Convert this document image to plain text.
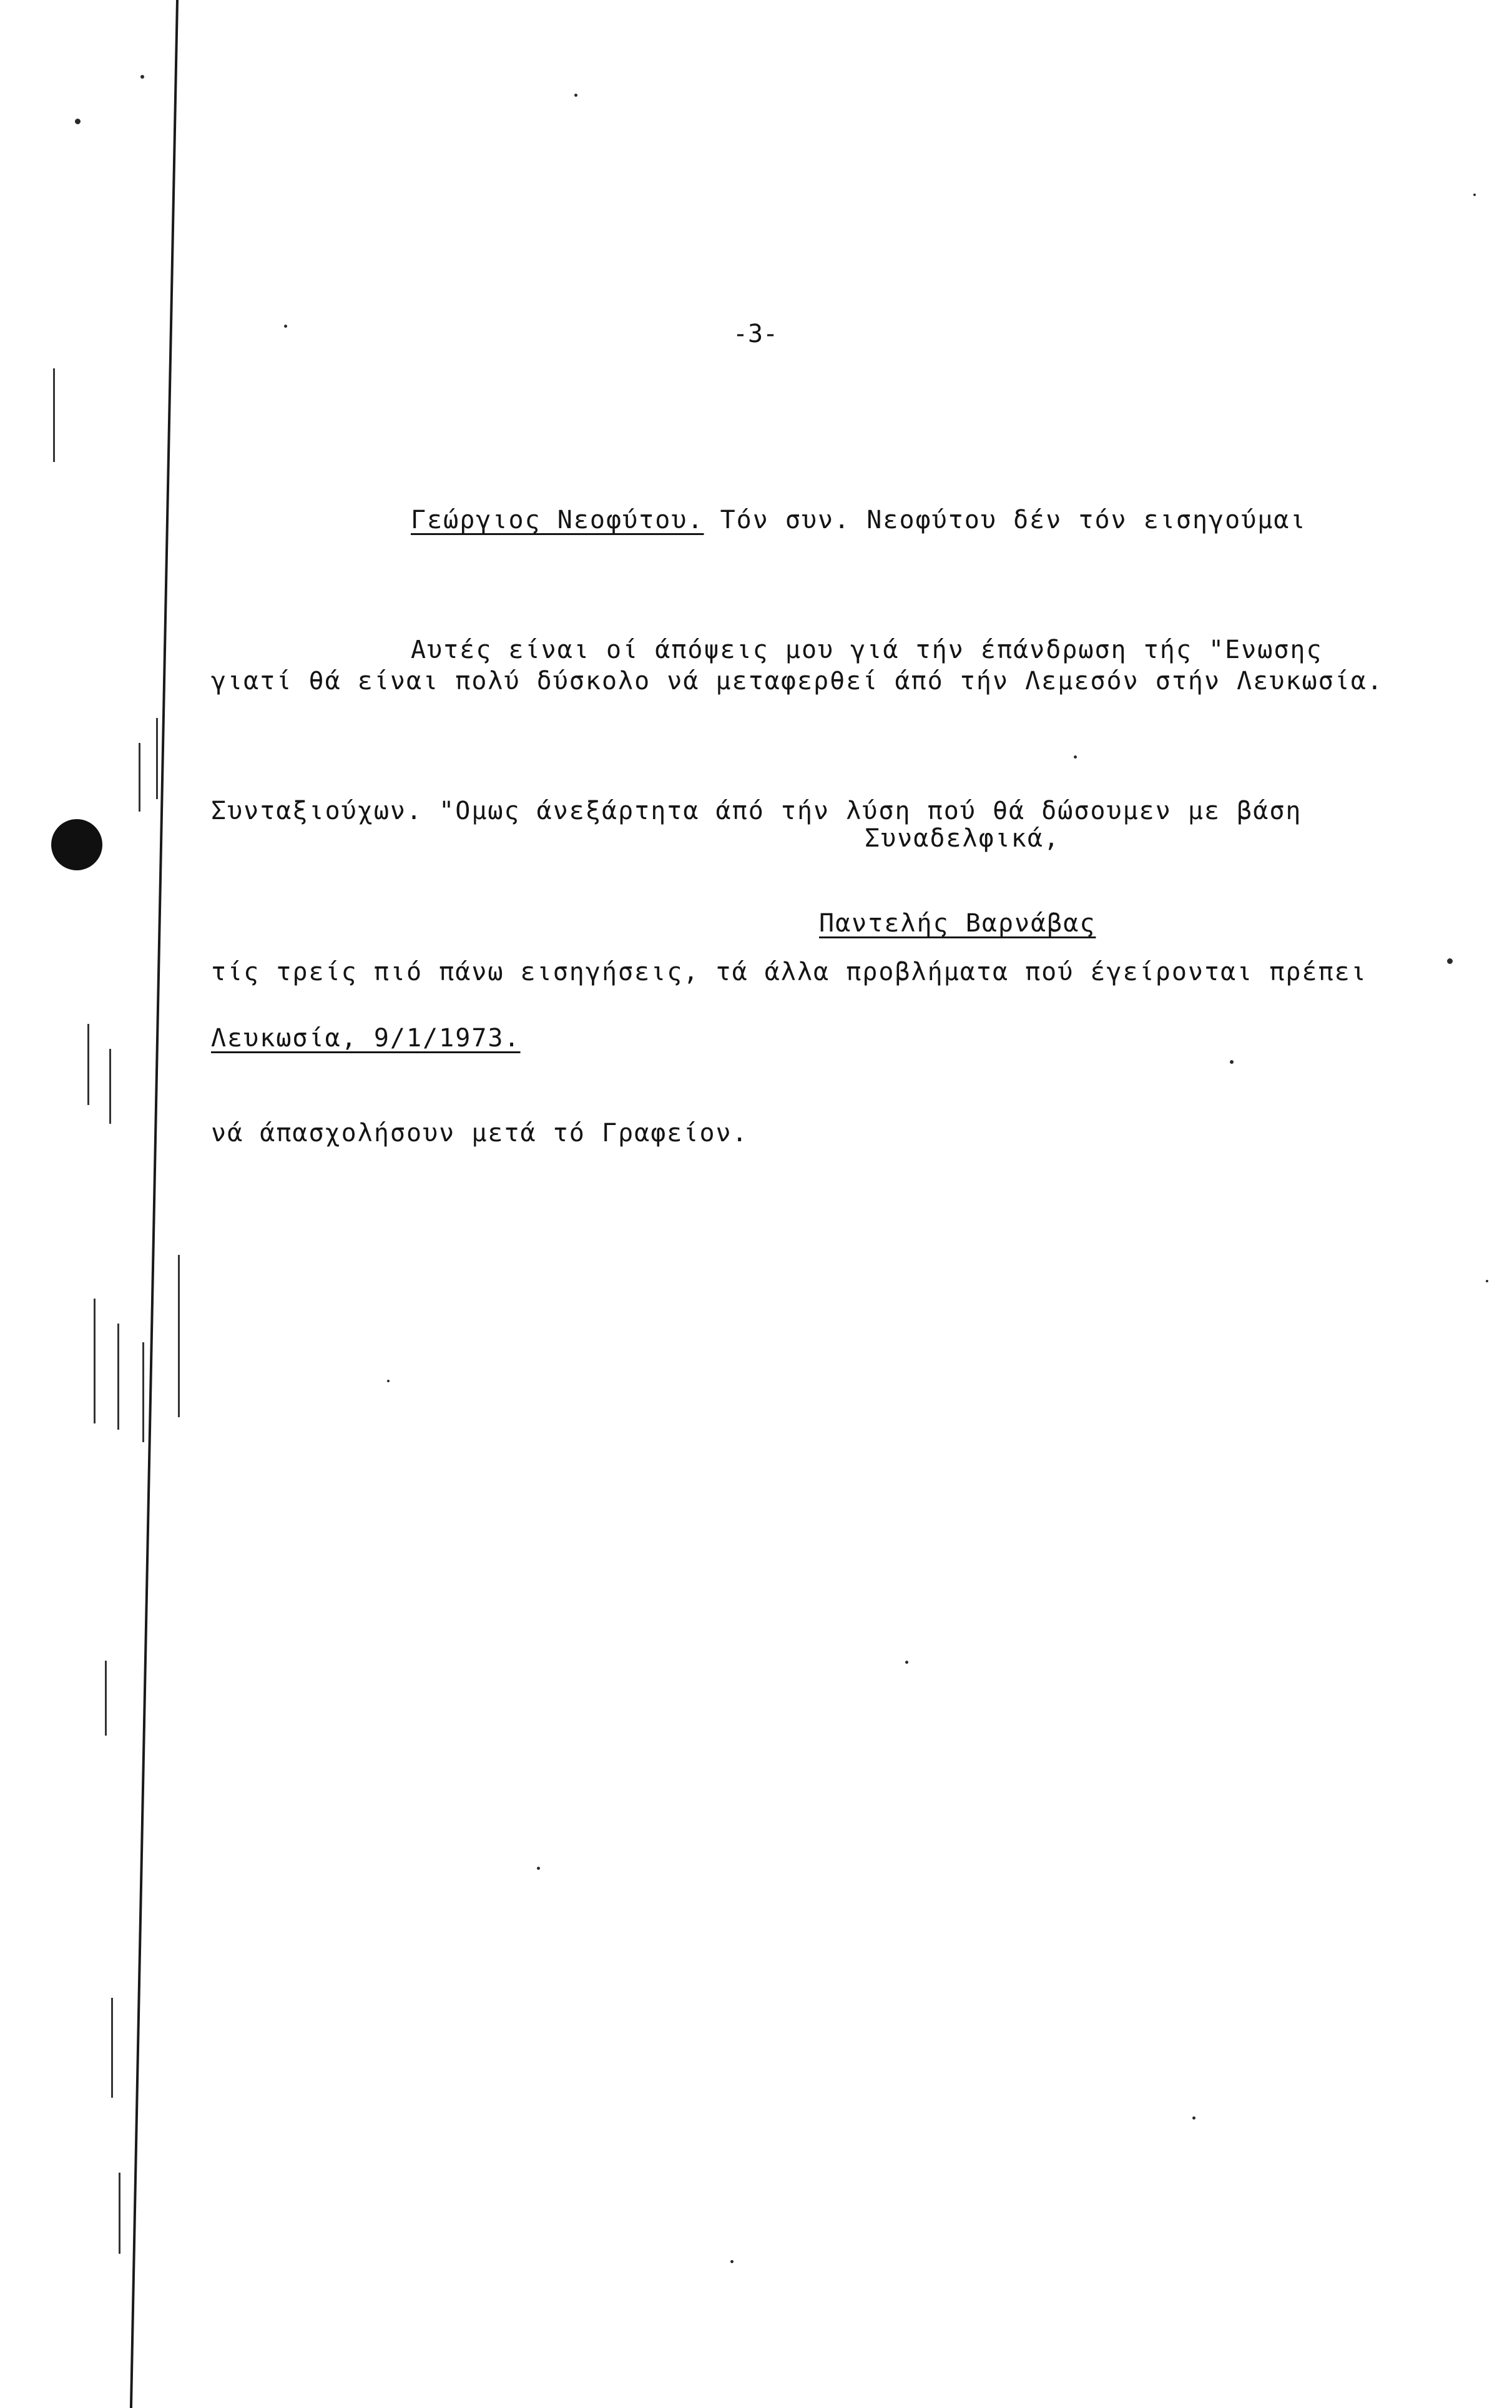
-3-

Γεώργιος Νεοφύτου. Τόν συν. Νεοφύτου δέν τόν εισηγούμαι

γιατί θά είναι πολύ δύσκολο νά μεταφερθεί άπό τήν Λεμεσόν στήν Λευκωσία.

Αυτές είναι οί άπόψεις μου γιά τήν έπάνδρωση τής "Ενωσης

Συνταξιούχων. "Ομως άνεξάρτητα άπό τήν λύση πού θά δώσουμεν με βάση

τίς τρείς πιό πάνω εισηγήσεις, τά άλλα προβλήματα πού έγείρονται πρέπει

νά άπασχολήσουν μετά τό Γραφείον.

Συναδελφικά,
Παντελής Βαρνάβας
Λευκωσία, 9/1/1973.
